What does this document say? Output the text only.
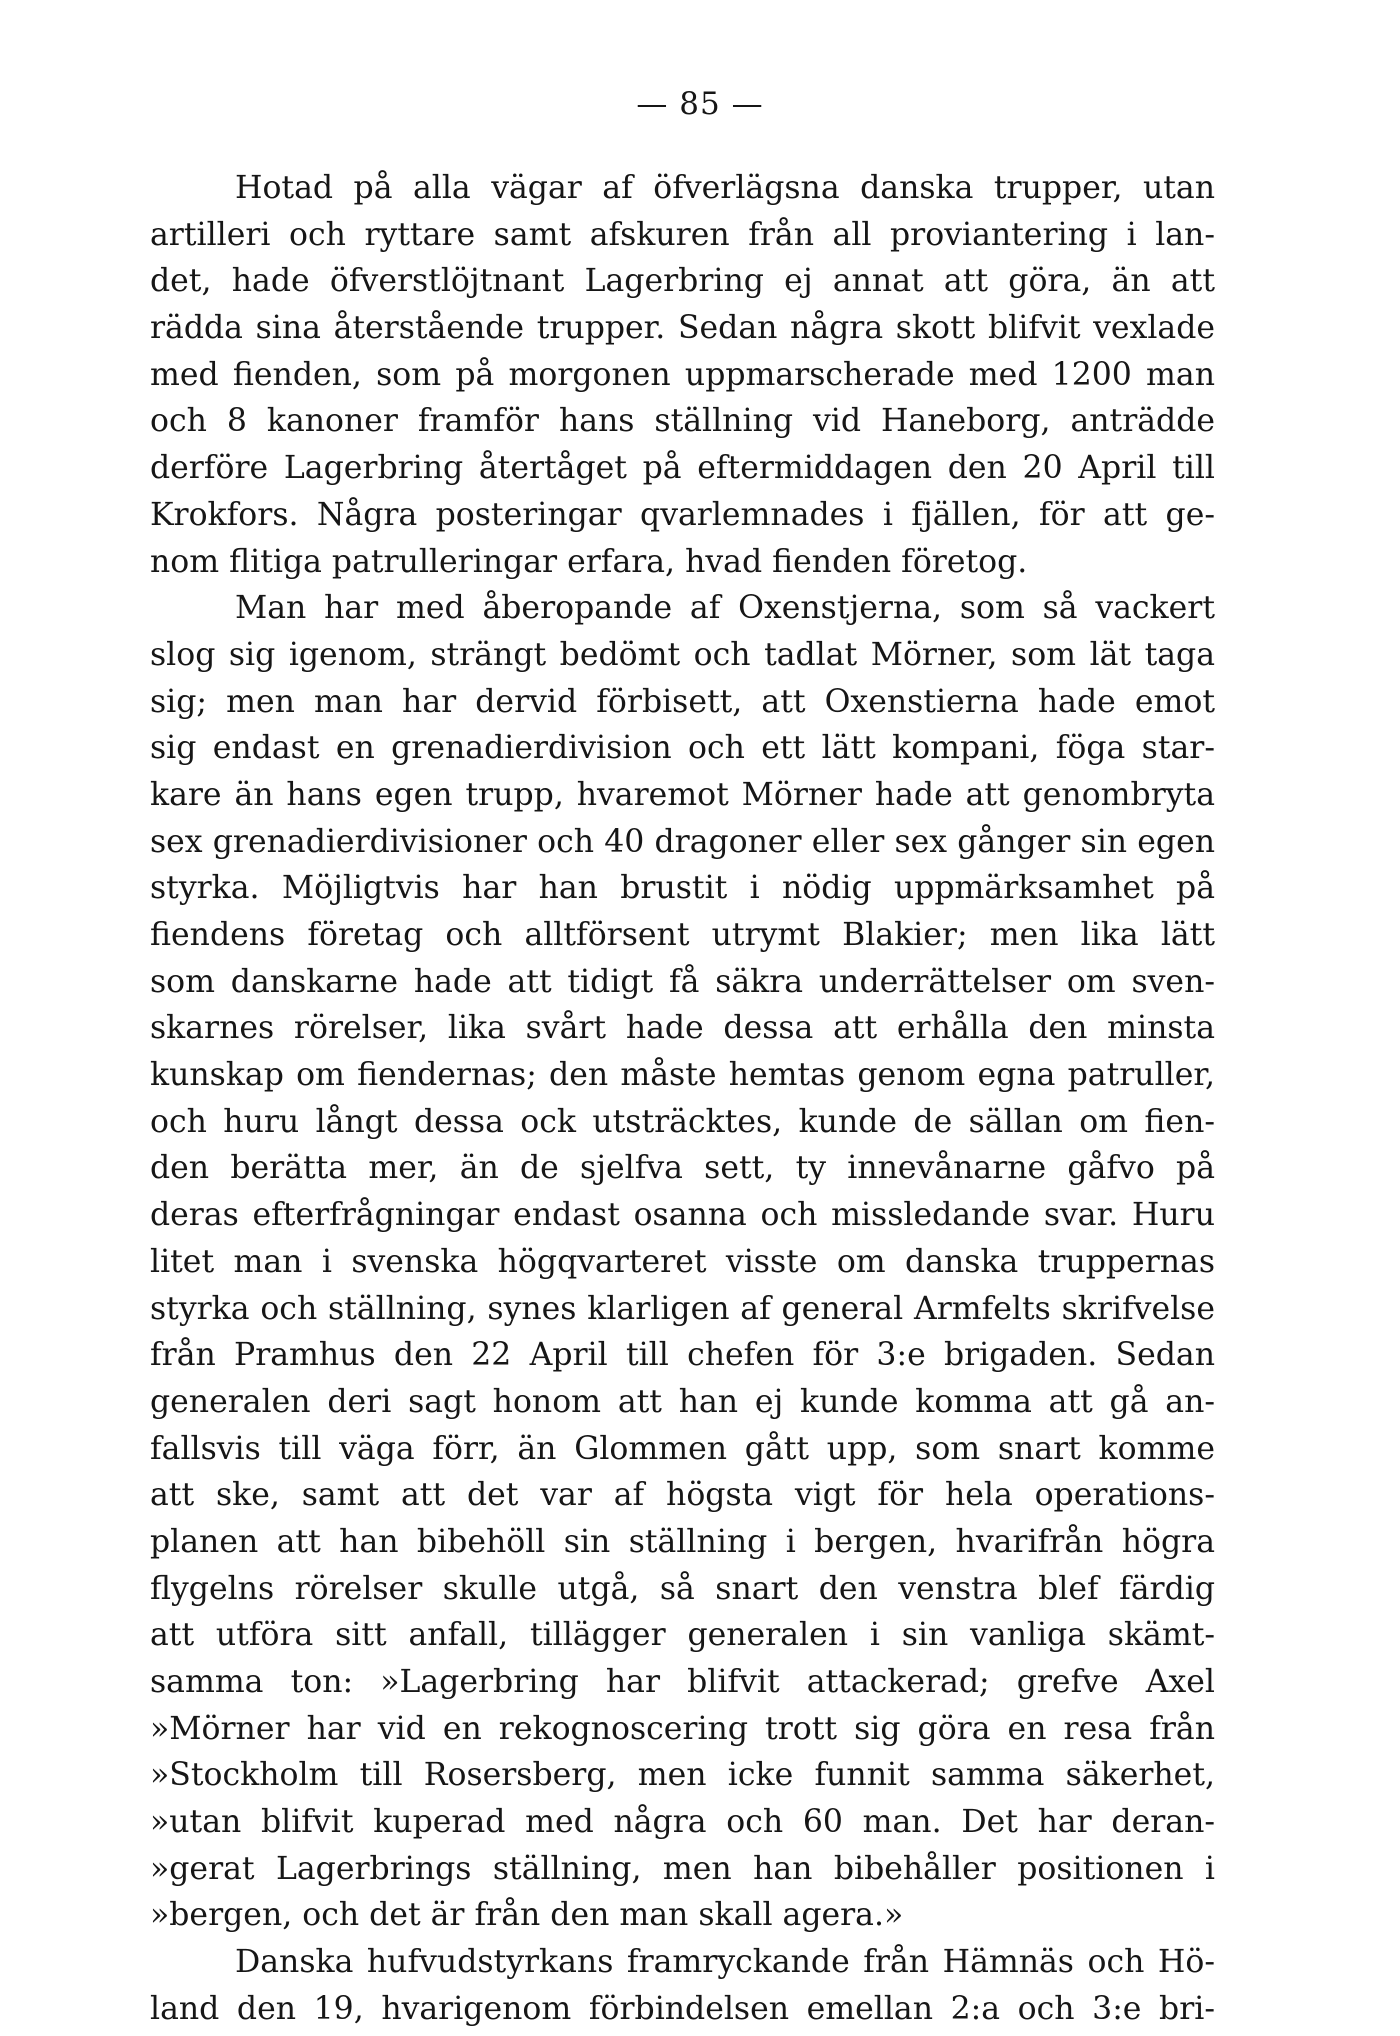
— 85 —
Hotad på alla vägar af öfverlägsna danska trupper, utan
artilleri och ryttare samt afskuren från all proviantering i lan-
det, hade öfverstlöjtnant Lagerbring ej annat att göra, än att
rädda sina återstående trupper. Sedan några skott blifvit vexlade
med fienden, som på morgonen uppmarscherade med 1200 man
och 8 kanoner framför hans ställning vid Haneborg, anträdde
derföre Lagerbring återtåget på eftermiddagen den 20 April till
Krokfors. Några posteringar qvarlemnades i fjällen, för att ge-
nom flitiga patrulleringar erfara, hvad fienden företog.
Man har med åberopande af Oxenstjerna, som så vackert
slog sig igenom, strängt bedömt och tadlat Mörner, som lät taga
sig; men man har dervid förbisett, att Oxenstierna hade emot
sig endast en grenadierdivision och ett lätt kompani, föga star-
kare än hans egen trupp, hvaremot Mörner hade att genombryta
sex grenadierdivisioner och 40 dragoner eller sex gånger sin egen
styrka. Möjligtvis har han brustit i nödig uppmärksamhet på
fiendens företag och alltförsent utrymt Blakier; men lika lätt
som danskarne hade att tidigt få säkra underrättelser om sven-
skarnes rörelser, lika svårt hade dessa att erhålla den minsta
kunskap om fiendernas; den måste hemtas genom egna patruller,
och huru långt dessa ock utsträcktes, kunde de sällan om fien-
den berätta mer, än de sjelfva sett, ty innevånarne gåfvo på
deras efterfrågningar endast osanna och missledande svar. Huru
litet man i svenska högqvarteret visste om danska truppernas
styrka och ställning, synes klarligen af general Armfelts skrifvelse
från Pramhus den 22 April till chefen för 3:e brigaden. Sedan
generalen deri sagt honom att han ej kunde komma att gå an-
fallsvis till väga förr, än Glommen gått upp, som snart komme
att ske, samt att det var af högsta vigt för hela operations-
planen att han bibehöll sin ställning i bergen, hvarifrån högra
flygelns rörelser skulle utgå, så snart den venstra blef färdig
att utföra sitt anfall, tillägger generalen i sin vanliga skämt-
samma ton: »Lagerbring har blifvit attackerad; grefve Axel
»Mörner har vid en rekognoscering trott sig göra en resa från
»Stockholm till Rosersberg, men icke funnit samma säkerhet,
»utan blifvit kuperad med några och 60 man. Det har deran-
»gerat Lagerbrings ställning, men han bibehåller positionen i
»bergen, och det är från den man skall agera.»
Danska hufvudstyrkans framryckande från Hämnäs och Hö-
land den 19, hvarigenom förbindelsen emellan 2:a och 3:e bri-
